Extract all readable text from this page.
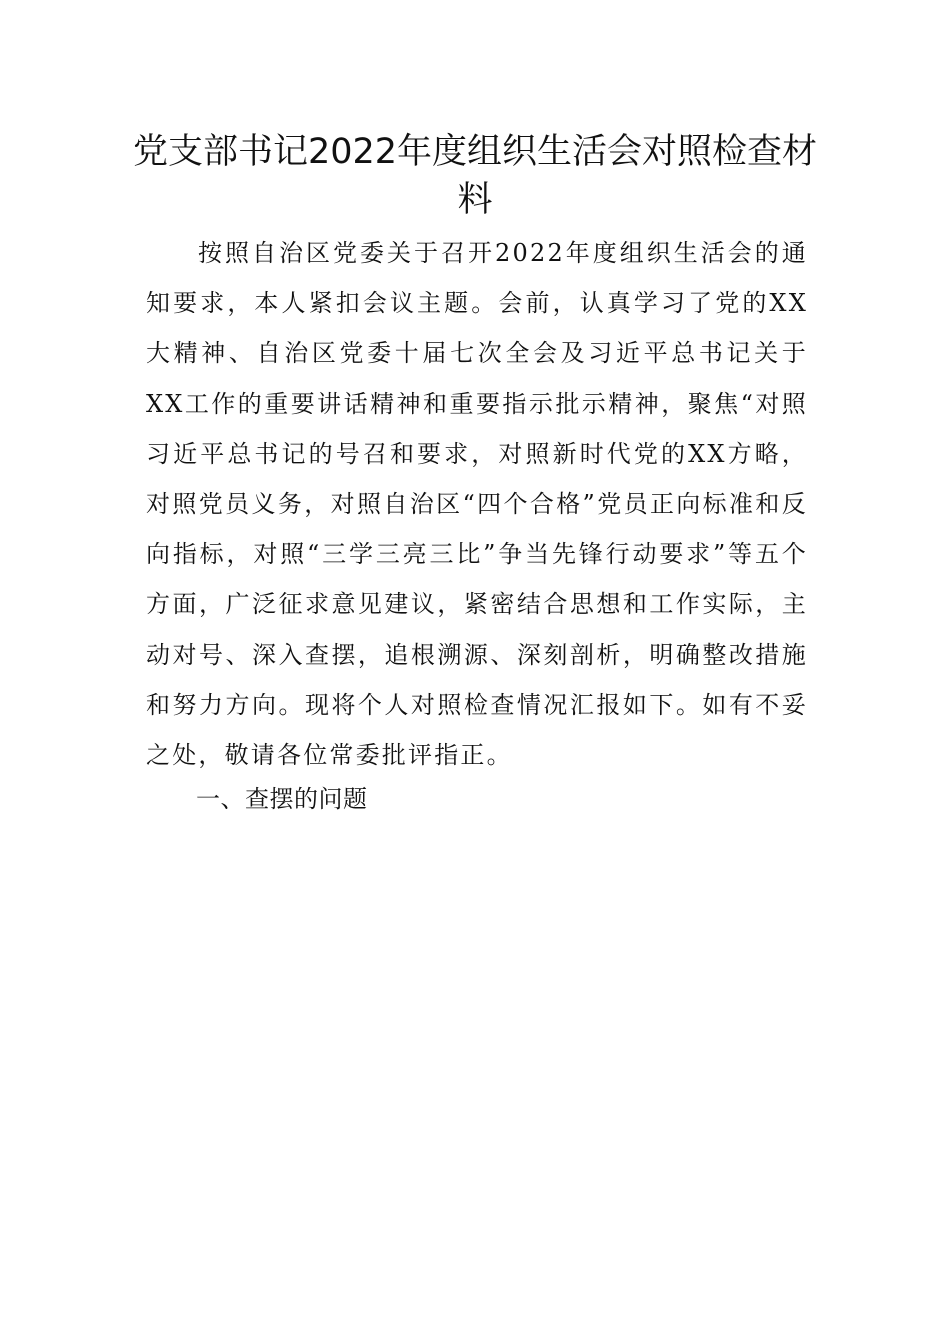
党支部书记2022年度组织生活会对照检查材料

按照自治区党委关于召开2022年度组织生活会的通知要求，本人紧扣会议主题。会前，认真学习了党的XX大精神、自治区党委十届七次全会及习近平总书记关于XX工作的重要讲话精神和重要指示批示精神，聚焦“对照习近平总书记的号召和要求，对照新时代党的XX方略，对照党员义务，对照自治区“四个合格”党员正向标准和反向指标，对照“三学三亮三比”争当先锋行动要求”等五个方面，广泛征求意见建议，紧密结合思想和工作实际，主动对号、深入查摆，追根溯源、深刻剖析，明确整改措施和努力方向。现将个人对照检查情况汇报如下。如有不妥之处，敬请各位常委批评指正。

一、查摆的问题
